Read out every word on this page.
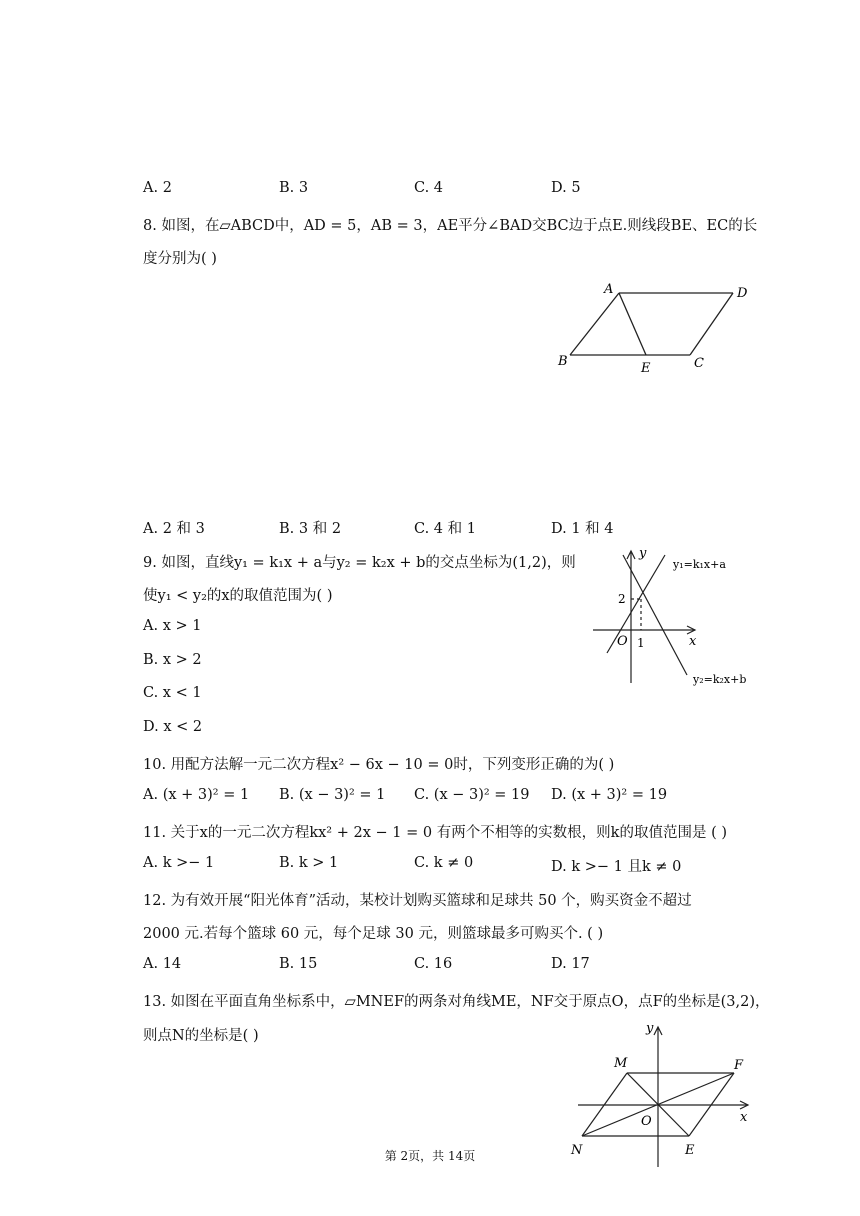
A. 2	B. 3	C. 4	D. 5
8. 如图，在▱ABCD中，AD = 5，AB = 3，AE平分∠BAD交BC边于点E.则线段BE、EC的长
度分别为( )
A	D
B	E	C
A. 2 和 3	B. 3 和 2	C. 4 和 1	D. 1 和 4
9. 如图，直线y₁ = k₁x + a与y₂ = k₂x + b的交点坐标为(1,2)，则
使y₁ < y₂的x的取值范围为( )
A. x > 1
B. x > 2
C. x < 1
D. x < 2
y
x
O 1
2
y₁=k₁x+a
y₂=k₂x+b
10. 用配方法解一元二次方程x² − 6x − 10 = 0时，下列变形正确的为( )
A. (x + 3)² = 1 B. (x − 3)² = 1 C. (x − 3)² = 19 D. (x + 3)² = 19
11. 关于x的一元二次方程kx² + 2x − 1 = 0 有两个不相等的实数根，则k的取值范围是 ( )
A. k >− 1	B. k > 1	C. k ≠ 0	D. k >− 1 且k ≠ 0
12. 为有效开展“阳光体育”活动，某校计划购买篮球和足球共 50 个，购买资金不超过
2000 元.若每个篮球 60 元，每个足球 30 元，则篮球最多可购买个. ( )
A. 14	B. 15	C. 16	D. 17
13. 如图在平面直角坐标系中，▱MNEF的两条对角线ME，NF交于原点O，点F的坐标是(3,2)，
则点N的坐标是( )	y
x
M	F
O
N	E
第 2页，共 14页
